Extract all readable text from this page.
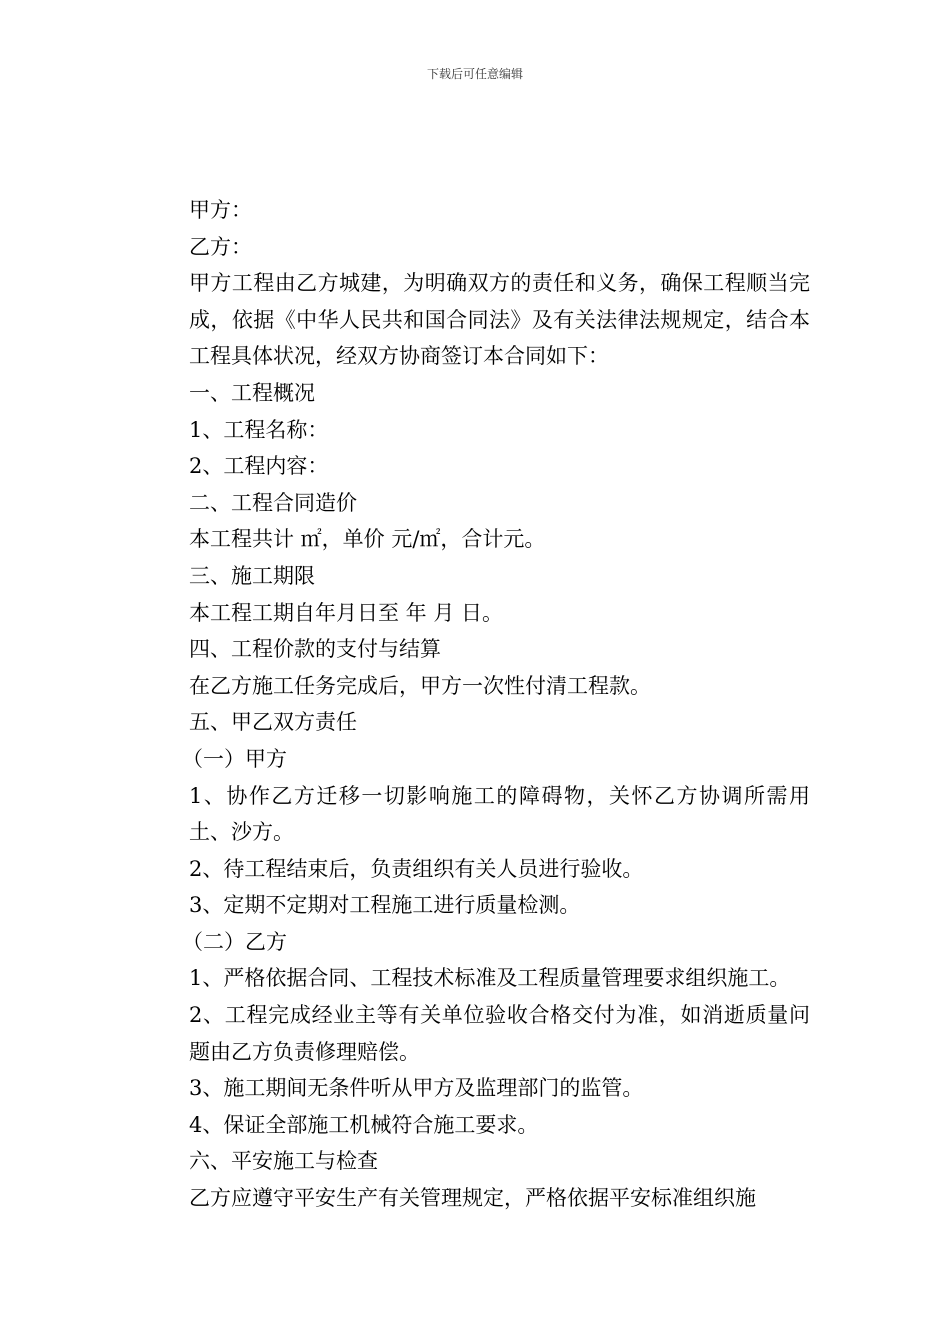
下载后可任意编辑

甲方：

乙方：

甲方工程由乙方城建，为明确双方的责任和义务，确保工程顺当完成，依据《中华人民共和国合同法》及有关法律法规规定，结合本工程具体状况，经双方协商签订本合同如下：

一、工程概况

1、工程名称：

2、工程内容：

二、工程合同造价

本工程共计 ㎡，单价 元/㎡，合计元。

三、施工期限

本工程工期自年月日至 年 月 日。

四、工程价款的支付与结算

在乙方施工任务完成后，甲方一次性付清工程款。

五、甲乙双方责任

（一）甲方

1、协作乙方迁移一切影响施工的障碍物，关怀乙方协调所需用土、沙方。

2、待工程结束后，负责组织有关人员进行验收。

3、定期不定期对工程施工进行质量检测。

（二）乙方

1、严格依据合同、工程技术标准及工程质量管理要求组织施工。

2、工程完成经业主等有关单位验收合格交付为准，如消逝质量问题由乙方负责修理赔偿。

3、施工期间无条件听从甲方及监理部门的监管。

4、保证全部施工机械符合施工要求。

六、平安施工与检查

乙方应遵守平安生产有关管理规定，严格依据平安标准组织施
